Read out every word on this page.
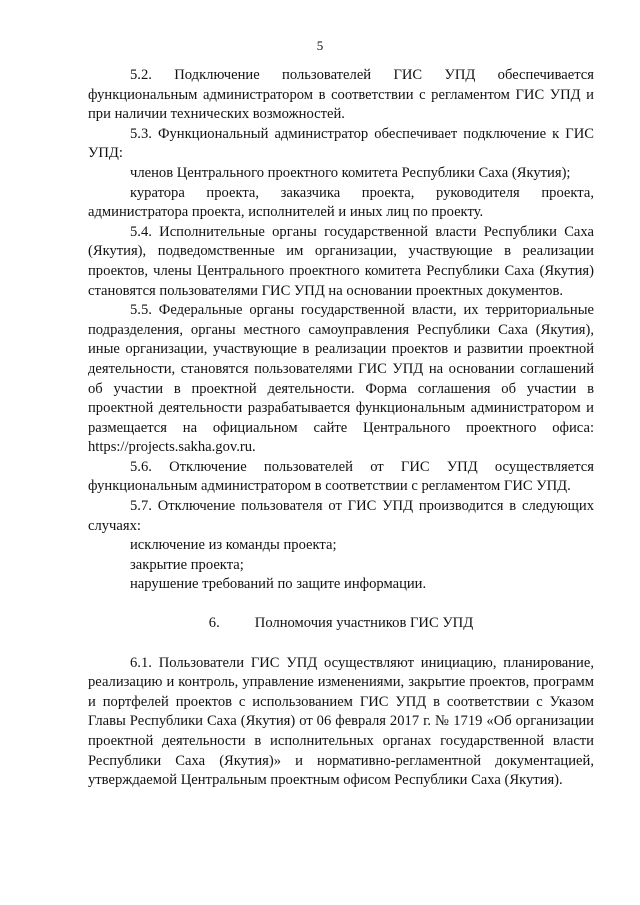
5

5.2. Подключение пользователей ГИС УПД обеспечивается функциональным администратором в соответствии с регламентом ГИС УПД и при наличии технических возможностей.

5.3. Функциональный администратор обеспечивает подключение к ГИС УПД:

членов Центрального проектного комитета Республики Саха (Якутия);

куратора проекта, заказчика проекта, руководителя проекта, администратора проекта, исполнителей и иных лиц по проекту.

5.4. Исполнительные органы государственной власти Республики Саха (Якутия), подведомственные им организации, участвующие в реализации проектов, члены Центрального проектного комитета Республики Саха (Якутия) становятся пользователями ГИС УПД на основании проектных документов.

5.5. Федеральные органы государственной власти, их территориальные подразделения, органы местного самоуправления Республики Саха (Якутия), иные организации, участвующие в реализации проектов и развитии проектной деятельности, становятся пользователями ГИС УПД на основании соглашений об участии в проектной деятельности. Форма соглашения об участии в проектной деятельности разрабатывается функциональным администратором и размещается на официальном сайте Центрального проектного офиса: https://projects.sakha.gov.ru.

5.6. Отключение пользователей от ГИС УПД осуществляется функциональным администратором в соответствии с регламентом ГИС УПД.

5.7. Отключение пользователя от ГИС УПД производится в следующих случаях:

исключение из команды проекта;

закрытие проекта;

нарушение требований по защите информации.

6. Полномочия участников ГИС УПД

6.1. Пользователи ГИС УПД осуществляют инициацию, планирование, реализацию и контроль, управление изменениями, закрытие проектов, программ и портфелей проектов с использованием ГИС УПД в соответствии с Указом Главы Республики Саха (Якутия) от 06 февраля 2017 г. № 1719 «Об организации проектной деятельности в исполнительных органах государственной власти Республики Саха (Якутия)» и нормативно-регламентной документацией, утверждаемой Центральным проектным офисом Республики Саха (Якутия).
